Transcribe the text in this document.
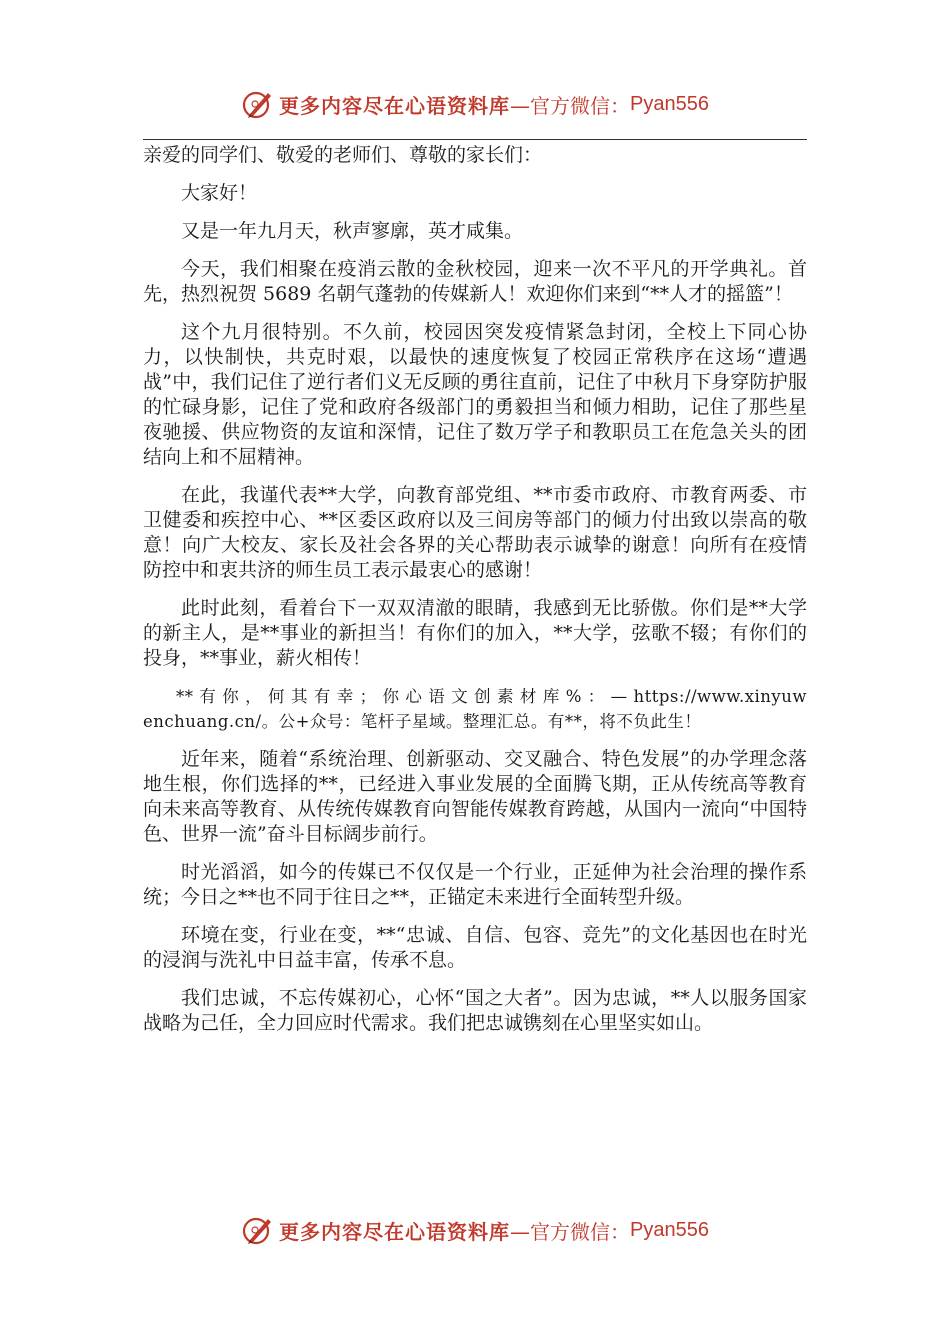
更多内容尽在心语资料库 —官方微信： Pyan556

亲爱的同学们、敬爱的老师们、尊敬的家长们：

大家好！

又是一年九月天，秋声寥廓，英才咸集。

今天，我们相聚在疫消云散的金秋校园，迎来一次不平凡的开学典礼。首先，热烈祝贺 5689 名朝气蓬勃的传媒新人！欢迎你们来到“**人才的摇篮”！

这个九月很特别。不久前，校园因突发疫情紧急封闭，全校上下同心协力，以快制快，共克时艰，以最快的速度恢复了校园正常秩序在这场“遭遇战”中，我们记住了逆行者们义无反顾的勇往直前，记住了中秋月下身穿防护服的忙碌身影，记住了党和政府各级部门的勇毅担当和倾力相助，记住了那些星夜驰援、供应物资的友谊和深情，记住了数万学子和教职员工在危急关头的团结向上和不屈精神。

在此，我谨代表**大学，向教育部党组、**市委市政府、市教育两委、市卫健委和疾控中心、**区委区政府以及三间房等部门的倾力付出致以崇高的敬意！向广大校友、家长及社会各界的关心帮助表示诚挚的谢意！向所有在疫情防控中和衷共济的师生员工表示最衷心的感谢！

此时此刻，看着台下一双双清澈的眼睛，我感到无比骄傲。你们是**大学的新主人，是**事业的新担当！有你们的加入，**大学，弦歌不辍；有你们的投身，**事业，薪火相传！

** 有 你 ， 何 其 有 幸 ； 你 心 语 文 创 素 材 库 % ： — https://www.xinyuwenchuang.cn/。公+众号：笔杆子星域。整理汇总。有**，将不负此生！

近年来，随着“系统治理、创新驱动、交叉融合、特色发展”的办学理念落地生根，你们选择的**，已经进入事业发展的全面腾飞期，正从传统高等教育向未来高等教育、从传统传媒教育向智能传媒教育跨越，从国内一流向“中国特色、世界一流”奋斗目标阔步前行。

时光滔滔，如今的传媒已不仅仅是一个行业，正延伸为社会治理的操作系统；今日之**也不同于往日之**，正锚定未来进行全面转型升级。

环境在变，行业在变，**“忠诚、自信、包容、竞先”的文化基因也在时光的浸润与洗礼中日益丰富，传承不息。

我们忠诚，不忘传媒初心，心怀“国之大者”。因为忠诚，**人以服务国家战略为己任，全力回应时代需求。我们把忠诚镌刻在心里坚实如山。

更多内容尽在心语资料库 —官方微信： Pyan556
